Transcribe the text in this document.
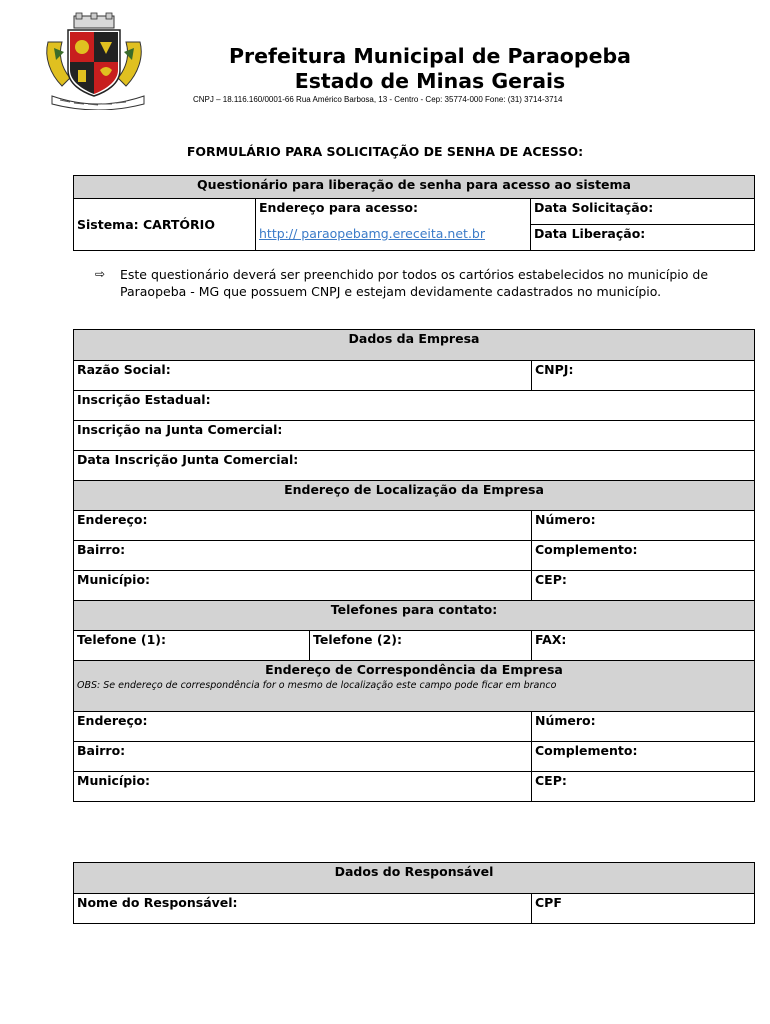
Prefeitura Municipal de Paraopeba
Estado de Minas Gerais
CNPJ – 18.116.160/0001-66 Rua Américo Barbosa, 13 - Centro - Cep: 35774-000 Fone: (31) 3714-3714
FORMULÁRIO PARA SOLICITAÇÃO DE SENHA DE ACESSO:
Questionário para liberação de senha para acesso ao sistema		
Sistema: CARTÓRIO	Endereço para acesso:	Data Solicitação:
	http:// paraopebamg.ereceita.net.br	Data Liberação:
⇨ Este questionário deverá ser preenchido por todos os cartórios estabelecidos no município de Paraopeba - MG que possuem CNPJ e estejam devidamente cadastrados no município.
Dados da Empresa		
Razão Social:		CNPJ:
Inscrição Estadual:		
Inscrição na Junta Comercial:		
Data Inscrição Junta Comercial:		
Endereço de Localização da Empresa		
Endereço:		Número:
Bairro:		Complemento:
Município:		CEP:
Telefones para contato:		
Telefone (1):	Telefone (2):	FAX:
Endereço de Correspondência da Empresa
OBS: Se endereço de correspondência for o mesmo de localização este campo pode ficar em branco		

Endereço:		Número:
Bairro:		Complemento:
Município:		CEP:
Dados do Responsável
Nome do Responsável:	CPF
